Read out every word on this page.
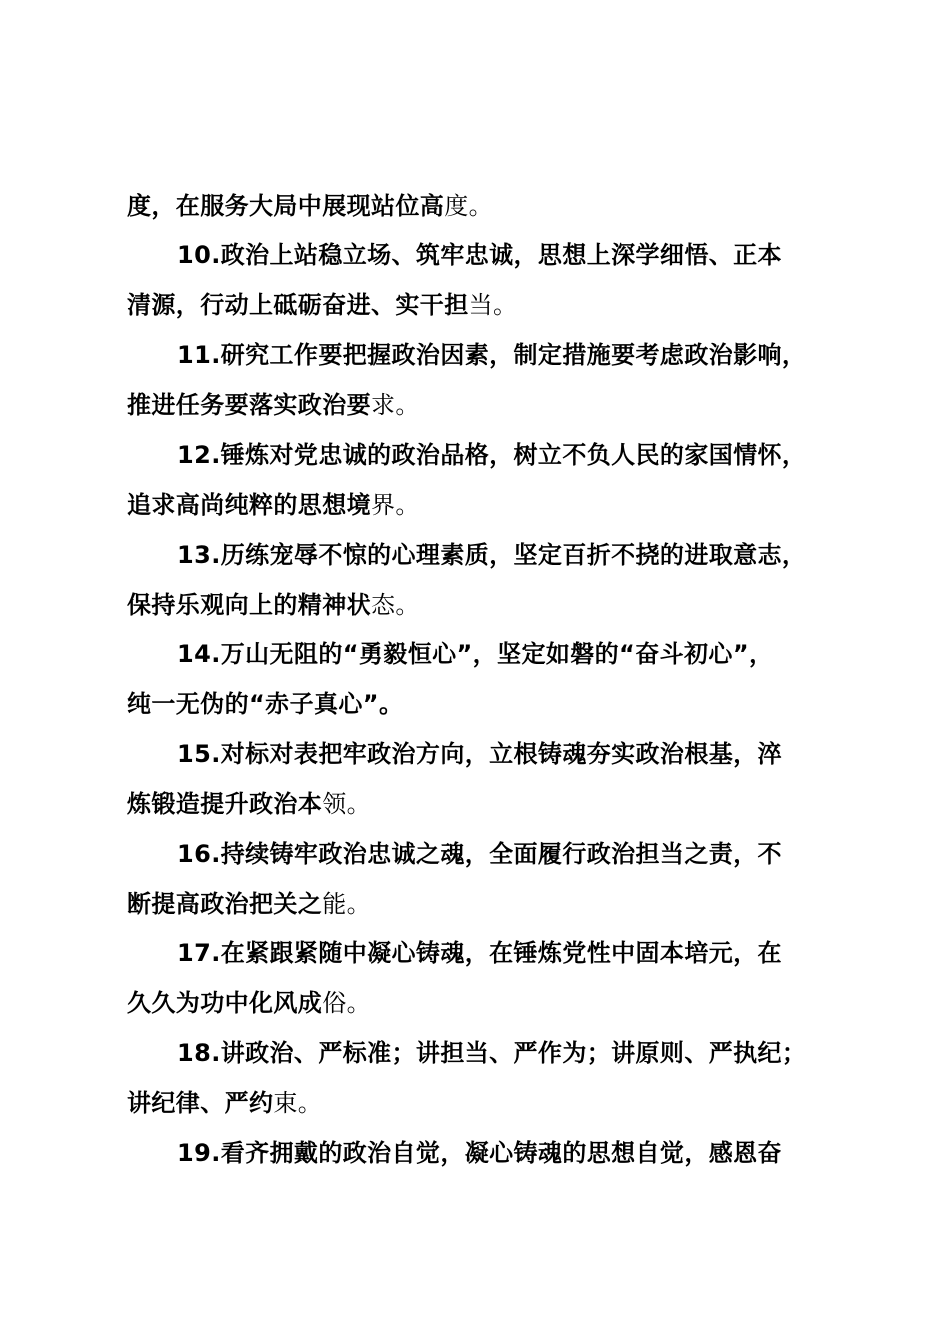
度，在服务大局中展现站位高度。
10.政治上站稳立场、筑牢忠诚，思想上深学细悟、正本
清源，行动上砥砺奋进、实干担当。
11.研究工作要把握政治因素，制定措施要考虑政治影响，
推进任务要落实政治要求。
12.锤炼对党忠诚的政治品格，树立不负人民的家国情怀，
追求高尚纯粹的思想境界。
13.历练宠辱不惊的心理素质，坚定百折不挠的进取意志，
保持乐观向上的精神状态。
14.万山无阻的“勇毅恒心”，坚定如磐的“奋斗初心”，
纯一无伪的“赤子真心”。
15.对标对表把牢政治方向，立根铸魂夯实政治根基，淬
炼锻造提升政治本领。
16.持续铸牢政治忠诚之魂，全面履行政治担当之责，不
断提高政治把关之能。
17.在紧跟紧随中凝心铸魂，在锤炼党性中固本培元，在
久久为功中化风成俗。
18.讲政治、严标准；讲担当、严作为；讲原则、严执纪；
讲纪律、严约束。
19.看齐拥戴的政治自觉，凝心铸魂的思想自觉，感恩奋
